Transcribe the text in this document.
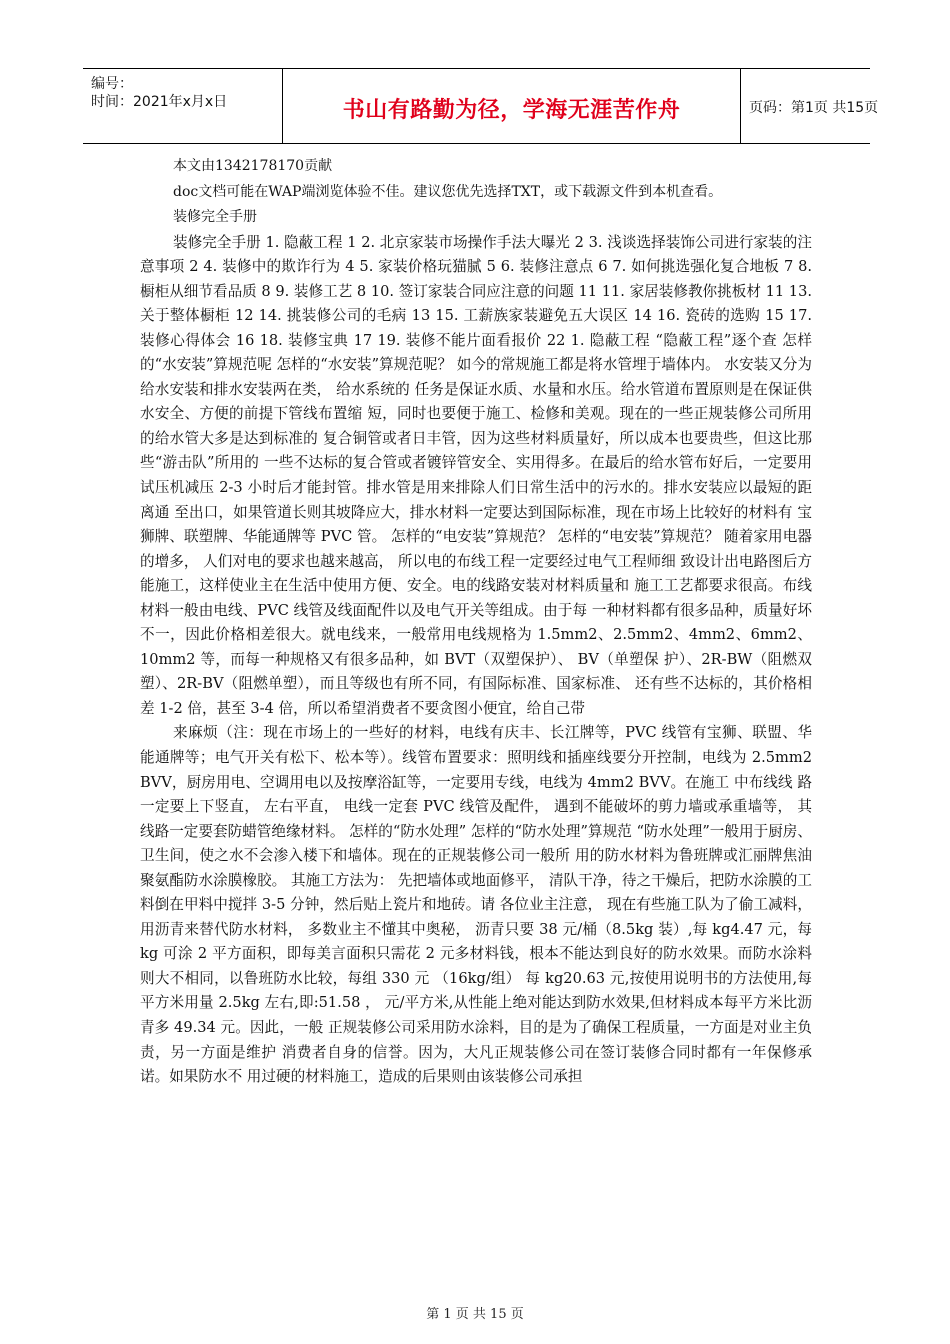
编号：
时间：2021年x月x日	书山有路勤为径，学海无涯苦作舟	页码：第1页 共15页

本文由1342178170贡献

doc文档可能在WAP端浏览体验不佳。建议您优先选择TXT，或下载源文件到本机查看。

装修完全手册

装修完全手册 1. 隐蔽工程 1 2. 北京家装市场操作手法大曝光 2 3. 浅谈选择装饰公司进行家装的注意事项 2 4. 装修中的欺诈行为 4 5. 家装价格玩猫腻 5 6. 装修注意点 6 7. 如何挑选强化复合地板 7 8. 橱柜从细节看品质 8 9. 装修工艺 8 10. 签订家装合同应注意的问题 11 11. 家居装修教你挑板材 11 13. 关于整体橱柜 12 14. 挑装修公司的毛病 13 15. 工薪族家装避免五大误区 14 16. 瓷砖的选购 15 17. 装修心得体会 16 18. 装修宝典 17 19. 装修不能片面看报价 22 1. 隐蔽工程 “隐蔽工程”逐个查 怎样的“水安装”算规范呢 怎样的“水安装”算规范呢？ 如今的常规施工都是将水管埋于墙体内。 水安装又分为给水安装和排水安装两在类， 给水系统的 任务是保证水质、水量和水压。给水管道布置原则是在保证供水安全、方便的前提下管线布置缩 短，同时也要便于施工、检修和美观。现在的一些正规装修公司所用的给水管大多是达到标准的 复合铜管或者日丰管，因为这些材料质量好，所以成本也要贵些，但这比那些“游击队”所用的 一些不达标的复合管或者镀锌管安全、实用得多。在最后的给水管布好后，一定要用试压机减压 2-3 小时后才能封管。排水管是用来排除人们日常生活中的污水的。排水安装应以最短的距离通 至出口，如果管道长则其坡降应大，排水材料一定要达到国际标准，现在市场上比较好的材料有 宝狮牌、联塑牌、华能通牌等 PVC 管。 怎样的“电安装”算规范？ 怎样的“电安装”算规范？ 随着家用电器的增多， 人们对电的要求也越来越高， 所以电的布线工程一定要经过电气工程师细 致设计出电路图后方能施工，这样使业主在生活中使用方便、安全。电的线路安装对材料质量和 施工工艺都要求很高。布线材料一般由电线、PVC 线管及线面配件以及电气开关等组成。由于每 一种材料都有很多品种，质量好坏不一，因此价格相差很大。就电线来，一般常用电线规格为 1.5mm2、2.5mm2、4mm2、6mm2、10mm2 等，而每一种规格又有很多品种，如 BVT（双塑保护）、 BV（单塑保 护）、2R-BW（阻燃双塑）、2R-BV（阻燃单塑），而且等级也有所不同，有国际标准、国家标准、 还有些不达标的，其价格相差 1-2 倍，甚至 3-4 倍，所以希望消费者不要贪图小便宜，给自己带

来麻烦（注：现在市场上的一些好的材料，电线有庆丰、长江牌等，PVC 线管有宝狮、联盟、华 能通牌等；电气开关有松下、松本等）。线管布置要求：照明线和插座线要分开控制，电线为 2.5mm2 BVV，厨房用电、空调用电以及按摩浴缸等，一定要用专线，电线为 4mm2 BVV。在施工 中布线线 路一定要上下竖直， 左右平直， 电线一定套 PVC 线管及配件， 遇到不能破坏的剪力墙或承重墙等， 其线路一定要套防蜡管绝缘材料。 怎样的“防水处理” 怎样的“防水处理”算规范 “防水处理”一般用于厨房、卫生间，使之水不会渗入楼下和墙体。现在的正规装修公司一般所 用的防水材料为鲁班牌或汇丽牌焦油聚氨酯防水涂膜橡胶。 其施工方法为： 先把墙体或地面修平， 清队干净，待之干燥后，把防水涂膜的工料倒在甲料中搅拌 3-5 分钟，然后贴上瓷片和地砖。请 各位业主注意， 现在有些施工队为了偷工减料， 用沥青来替代防水材料， 多数业主不懂其中奥秘， 沥青只要 38 元/桶（8.5kg 装）,每 kg4.47 元，每 kg 可涂 2 平方面积，即每美言面积只需花 2 元多材料钱，根本不能达到良好的防水效果。而防水涂料则大不相同，以鲁班防水比较，每组 330 元 （16kg/组） 每 kg20.63 元,按使用说明书的方法使用,每平方米用量 2.5kg 左右,即:51.58 ， 元/平方米,从性能上绝对能达到防水效果,但材料成本每平方米比沥青多 49.34 元。因此，一般 正规装修公司采用防水涂料，目的是为了确保工程质量，一方面是对业主负责，另一方面是维护 消费者自身的信誉。因为，大凡正规装修公司在签订装修合同时都有一年保修承诺。如果防水不 用过硬的材料施工，造成的后果则由该装修公司承担

第 1 页 共 15 页
